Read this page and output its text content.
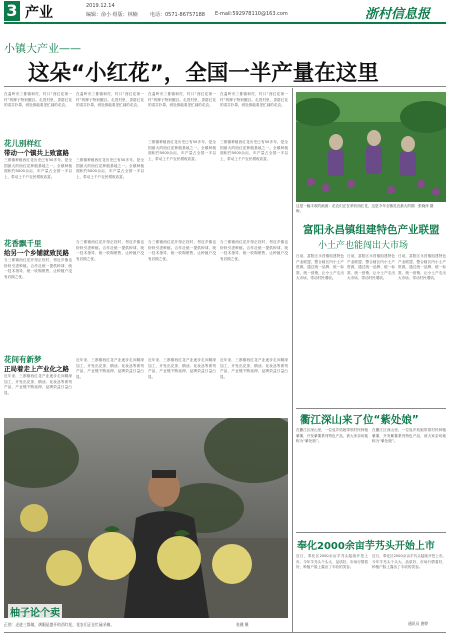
3 产业	2019.12.14
编辑：俞小 组版：林楠 电话：0571-86757188 E-mail:592978110@163.com	浙村信息报
小镇大产业——
这朵“小红花”，全国一半产量在这里
在温岭市三都镇和村，村口“西红花第一村”的牌子特别醒目。走进村里，香甜红花的清芬扑鼻，到处都能看见忙碌的花农。
在温岭市三都镇和村，村口“西红花第一村”的牌子特别醒目。走进村里，香甜红花的清芬扑鼻，到处都能看见忙碌的花农。
在温岭市三都镇和村，村口“西红花第一村”的牌子特别醒目。走进村里，香甜红花的清芬扑鼻，到处都能看见忙碌的花农。
在温岭市三都镇和村，村口“西红花第一村”的牌子特别醒目。走进村里，香甜红花的清芬扑鼻，到处都能看见忙碌的花农。
花儿别样红
带动一个镇共上致富路
三都镇种植西红花历史已有50多年，是全国最大的西红花种植基地之一。全镇种植面积约5000余亩，年产量占全国一半以上，带动上千户农民增收致富。
三都镇种植西红花历史已有50多年，是全国最大的西红花种植基地之一。全镇种植面积约5000余亩，年产量占全国一半以上，带动上千户农民增收致富。
三都镇种植西红花历史已有50多年，是全国最大的西红花种植基地之一。全镇种植面积约5000余亩，年产量占全国一半以上，带动上千户农民增收致富。
三都镇种植西红花历史已有50多年，是全国最大的西红花种植基地之一。全镇种植面积约5000余亩，年产量占全国一半以上，带动上千户农民增收致富。
花香飘千里
给另一个乡铺就致民路
当三都镇西红花开得正旺时，邻近乡镇也纷纷引进种植。合作社统一提供种球、统一技术指导、统一收购销售，让种植户没有后顾之忧。
当三都镇西红花开得正旺时，邻近乡镇也纷纷引进种植。合作社统一提供种球、统一技术指导、统一收购销售，让种植户没有后顾之忧。
当三都镇西红花开得正旺时，邻近乡镇也纷纷引进种植。合作社统一提供种球、统一技术指导、统一收购销售，让种植户没有后顾之忧。
当三都镇西红花开得正旺时，邻近乡镇也纷纷引进种植。合作社统一提供种球、统一技术指导、统一收购销售，让种植户没有后顾之忧。
花间有新梦
正局着走上产业化之路
近年来，三都镇西红花产业逐步走向精深加工，开发出花茶、精油、化妆品等系列产品，产业链不断延伸，品牌效益日益凸显。
近年来，三都镇西红花产业逐步走向精深加工，开发出花茶、精油、化妆品等系列产品，产业链不断延伸，品牌效益日益凸显。
近年来，三都镇西红花产业逐步走向精深加工，开发出花茶、精油、化妆品等系列产品，产业链不断延伸，品牌效益日益凸显。
近年来，三都镇西红花产业逐步走向精深加工，开发出花茶、精油、化妆品等系列产品，产业链不断延伸，品牌效益日益凸显。
柚子论个卖
正图：走进三都镇，满眼是盛开的西红花，花农们正在忙碌采摘。	张健 摄
这是一幅丰收的画面：花农们正在采收西红花，这是今年全镇花农最大的期盼。
张晓萍 摄
富阳永昌镇组建特色产业联盟
小土产也能闯出大市场
日前，富阳区永昌镇组建特色产业联盟，整合辖区内小土产资源，通过统一品牌、统一标准、统一营销，让小土产走出大市场，带动村民增收。
日前，富阳区永昌镇组建特色产业联盟，整合辖区内小土产资源，通过统一品牌、统一标准、统一营销，让小土产走出大市场，带动村民增收。
日前，富阳区永昌镇组建特色产业联盟，整合辖区内小土产资源，通过统一品牌、统一标准、统一营销，让小土产走出大市场，带动村民增收。
衢江深山来了位“紫处娘”
在衢江区深山里，一位返乡姑娘带领村民种植紫薯，开发紫薯系列特色产品，被大家亲切地称为“紫处娘”。
在衢江区深山里，一位返乡姑娘带领村民种植紫薯，开发紫薯系列特色产品，被大家亲切地称为“紫处娘”。
奉化2000余亩芋艿头开始上市
近日，奉化区2000余亩芋艿头陆续开挖上市。今年芋艿头个头大、品质好，市场行情看好，种植户脸上露出了丰收的笑容。
近日，奉化区2000余亩芋艿头陆续开挖上市。今年芋艿头个头大、品质好，市场行情看好，种植户脸上露出了丰收的笑容。
通讯员 唐婷
